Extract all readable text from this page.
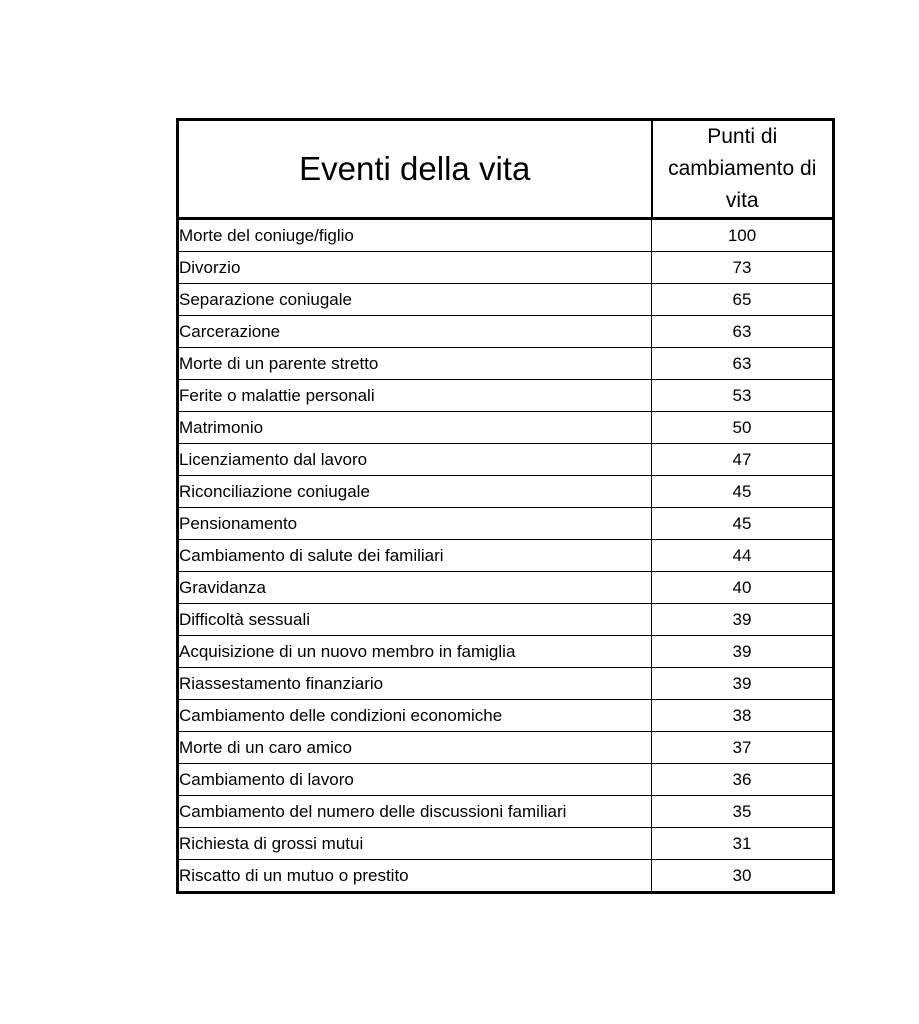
Eventi della vita	Punti di cambiamento di vita
Morte del coniuge/figlio	100
Divorzio	73
Separazione coniugale	65
Carcerazione	63
Morte di un parente stretto	63
Ferite o malattie personali	53
Matrimonio	50
Licenziamento dal lavoro	47
Riconciliazione coniugale	45
Pensionamento	45
Cambiamento di salute dei familiari	44
Gravidanza	40
Difficoltà sessuali	39
Acquisizione di un nuovo membro in famiglia	39
Riassestamento finanziario	39
Cambiamento delle condizioni economiche	38
Morte di un caro amico	37
Cambiamento di lavoro	36
Cambiamento del numero delle discussioni familiari	35
Richiesta di grossi mutui	31
Riscatto di un mutuo o prestito	30
